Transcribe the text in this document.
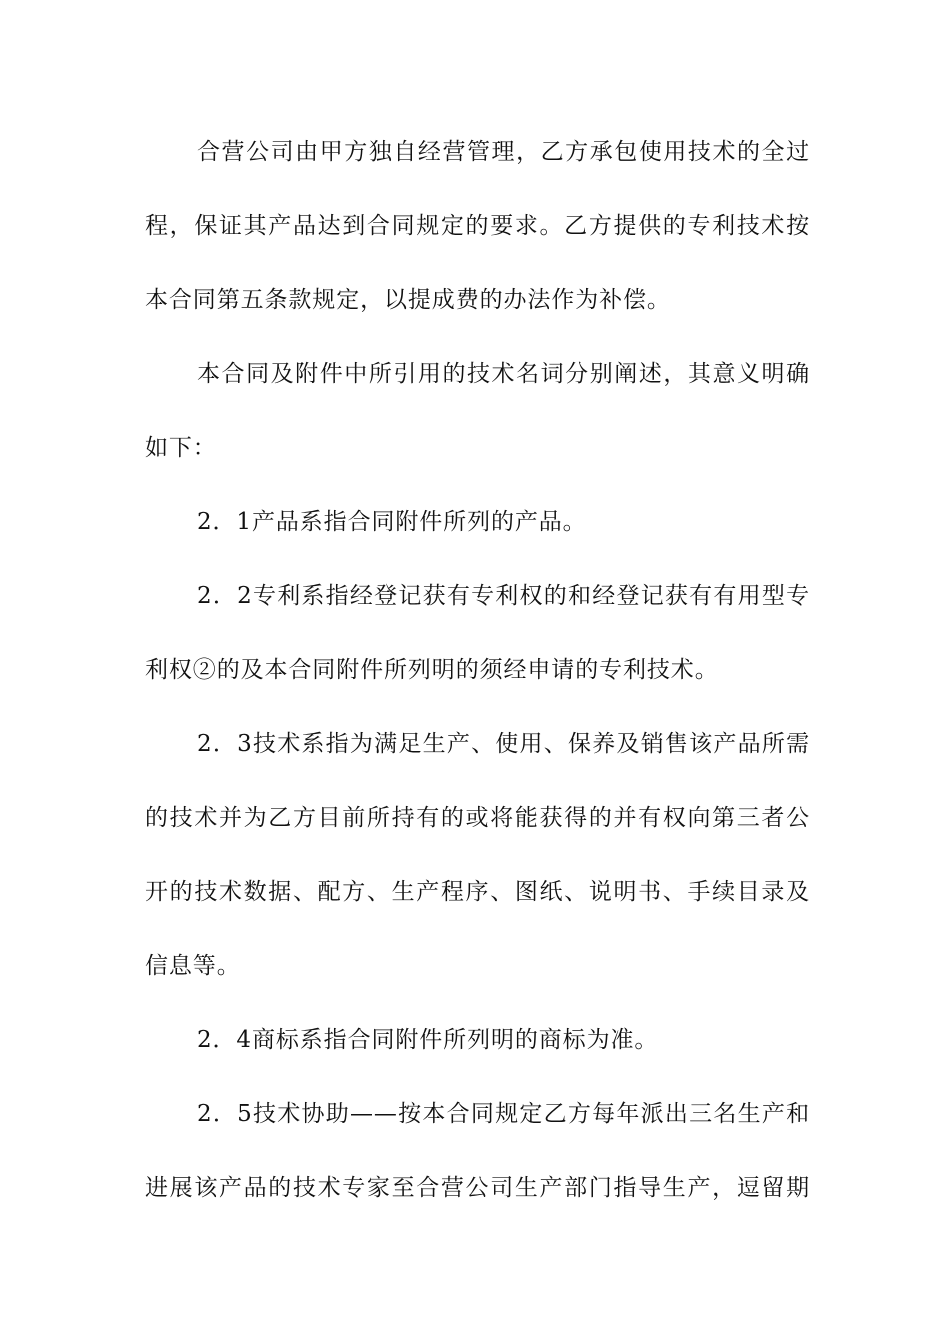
合营公司由甲方独自经营管理，乙方承包使用技术的全过
程，保证其产品达到合同规定的要求。乙方提供的专利技术按
本合同第五条款规定，以提成费的办法作为补偿。
本合同及附件中所引用的技术名词分别阐述，其意义明确
如下：
2．1产品系指合同附件所列的产品。
2．2专利系指经登记获有专利权的和经登记获有有用型专
利权②的及本合同附件所列明的须经申请的专利技术。
2．3技术系指为满足生产、使用、保养及销售该产品所需
的技术并为乙方目前所持有的或将能获得的并有权向第三者公
开的技术数据、配方、生产程序、图纸、说明书、手续目录及
信息等。
2．4商标系指合同附件所列明的商标为准。
2．5技术协助——按本合同规定乙方每年派出三名生产和
进展该产品的技术专家至合营公司生产部门指导生产，逗留期
